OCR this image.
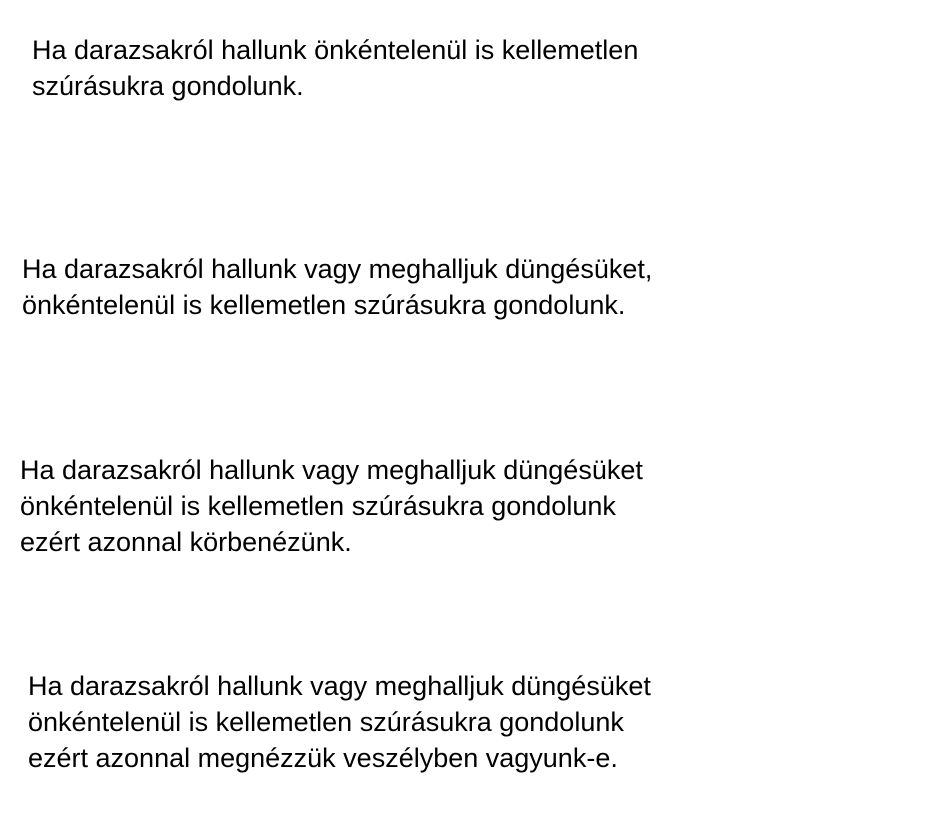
Ha darazsakról hallunk önkéntelenül is kellemetlen
szúrásukra gondolunk.
Ha darazsakról hallunk vagy meghalljuk düngésüket,
önkéntelenül is kellemetlen szúrásukra gondolunk.
Ha darazsakról hallunk vagy meghalljuk düngésüket
önkéntelenül is kellemetlen szúrásukra gondolunk
ezért azonnal körbenézünk.
Ha darazsakról hallunk vagy meghalljuk düngésüket
önkéntelenül is kellemetlen szúrásukra gondolunk
ezért azonnal megnézzük veszélyben vagyunk-e.
